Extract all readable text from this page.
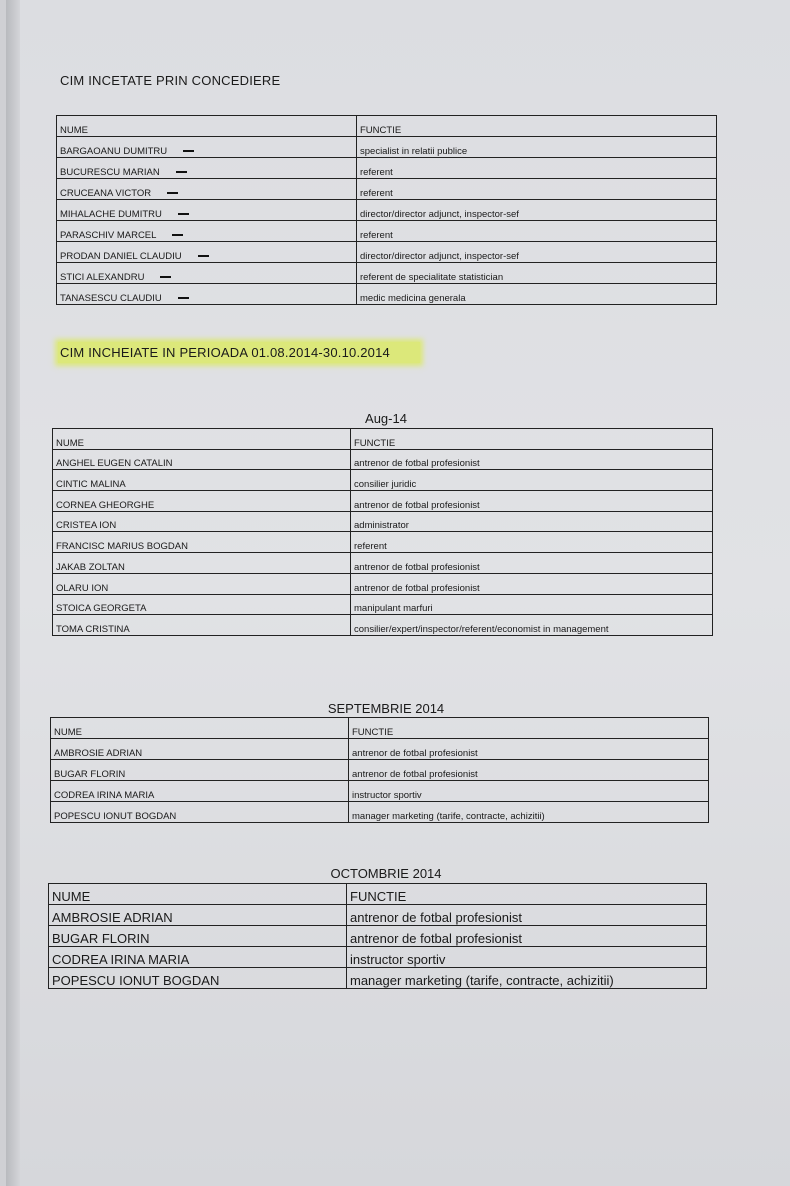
CIM INCETATE PRIN CONCEDIERE
NUME	FUNCTIE
BARGAOANU DUMITRU	specialist in relatii publice
BUCURESCU MARIAN	referent
CRUCEANA VICTOR	referent
MIHALACHE DUMITRU	director/director adjunct, inspector-sef
PARASCHIV MARCEL	referent
PRODAN DANIEL CLAUDIU	director/director adjunct, inspector-sef
STICI ALEXANDRU	referent de specialitate statistician
TANASESCU CLAUDIU	medic medicina generala
CIM INCHEIATE IN PERIOADA 01.08.2014-30.10.2014
Aug-14
NUME	FUNCTIE
ANGHEL EUGEN CATALIN	antrenor de fotbal profesionist
CINTIC MALINA	consilier juridic
CORNEA GHEORGHE	antrenor de fotbal profesionist
CRISTEA ION	administrator
FRANCISC MARIUS BOGDAN	referent
JAKAB ZOLTAN	antrenor de fotbal profesionist
OLARU ION	antrenor de fotbal profesionist
STOICA GEORGETA	manipulant marfuri
TOMA CRISTINA	consilier/expert/inspector/referent/economist in management
SEPTEMBRIE 2014
NUME	FUNCTIE
AMBROSIE ADRIAN	antrenor de fotbal profesionist
BUGAR FLORIN	antrenor de fotbal profesionist
CODREA IRINA MARIA	instructor sportiv
POPESCU IONUT BOGDAN	manager marketing (tarife, contracte, achizitii)
OCTOMBRIE 2014
NUME	FUNCTIE
AMBROSIE ADRIAN	antrenor de fotbal profesionist
BUGAR FLORIN	antrenor de fotbal profesionist
CODREA IRINA MARIA	instructor sportiv
POPESCU IONUT BOGDAN	manager marketing (tarife, contracte, achizitii)
